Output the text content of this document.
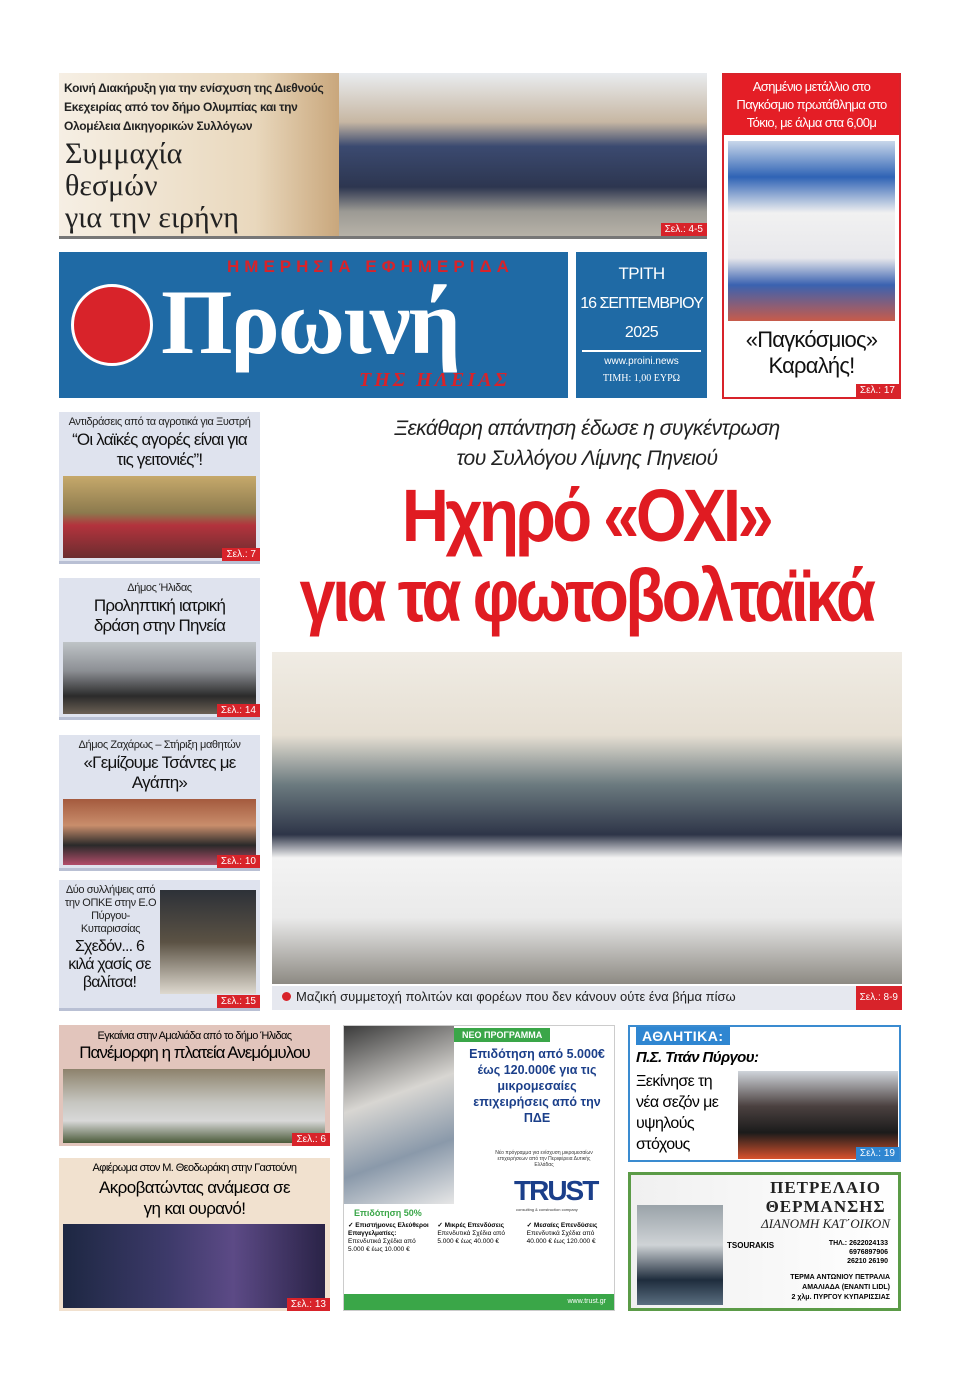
Κοινή Διακήρυξη για την ενίσχυση της Διεθνούς Εκεχειρίας από τον δήμο Ολυμπίας και την Ολομέλεια Δικηγορικών Συλλόγων
Συμμαχία
θεσμών
για την ειρήνη	Σελ.: 4-5
Ασημένιο μετάλλιο στο Παγκόσμιο πρωτάθλημα στο Τόκιο, με άλμα στα 6,00μ
«Παγκόσμιος»
Καραλής!
Σελ.: 17
ΗΜΕΡΗΣΙΑ ΕΦΗΜΕΡΙΔΑ
Πρωινή
ΤΗΣ ΗΛΕΙΑΣ
ΤΡΙΤΗ
16 ΣΕΠΤΕΜΒΡΙΟΥ
2025
www.proini.news
ΤΙΜΗ: 1,00 ΕΥΡΩ
Αντιδράσεις από τα αγροτικά για Ξυστρή
“Οι λαϊκές αγορές είναι για τις γειτονιές”!
Σελ.: 7
Δήμος Ήλιδας
Προληπτική ιατρική δράση στην Πηνεία
Σελ.: 14
Δήμος Ζαχάρως – Στήριξη μαθητών
«Γεμίζουμε Τσάντες με Αγάπη»
Σελ.: 10
Δύο συλλήψεις από την ΟΠΚΕ στην Ε.Ο Πύργου-Κυπαρισσίας
Σχεδόν... 6 κιλά χασίς σε βαλίτσα!
Σελ.: 15
Ξεκάθαρη απάντηση έδωσε η συγκέντρωση
του Συλλόγου Λίμνης Πηνειού
Ηχηρό «ΟΧΙ»
για τα φωτοβολταϊκά
Μαζική συμμετοχή πολιτών και φορέων που δεν κάνουν ούτε ένα βήμα πίσω	Σελ.: 8-9
Εγκαίνια στην Αμαλιάδα από το δήμο Ήλιδας
Πανέμορφη η πλατεία Ανεμόμυλου
Σελ.: 6
Αφιέρωμα στον Μ. Θεοδωράκη στην Γαστούνη
Ακροβατώντας ανάμεσα σε γη και ουρανό!
Σελ.: 13
ΝΕΟ ΠΡΟΓΡΑΜΜΑ
Επιδότηση από 5.000€ έως 120.000€ για τις μικρομεσαίες επιχειρήσεις από την ΠΔΕ
Νέο πρόγραμμα για ενίσχυση μικρομεσαίων επιχειρήσεων από την Περιφέρεια Δυτικής Ελλάδας
TRUST
consulting & construction company
Επιδότηση 50%
✓ Επιστήμονες Ελεύθεροι Επαγγελματίες:
Επενδυτικά Σχέδια από 5.000 € έως 10.000 €
✓ Μικρές Επενδύσεις
Επενδυτικά Σχέδια από 5.000 € έως 40.000 €
✓ Μεσαίες Επενδύσεις
Επενδυτικά Σχέδια από 40.000 € έως 120.000 €
www.trust.gr
ΑΘΛΗΤΙΚΑ:
Π.Σ. Τιτάν Πύργου:
Ξεκίνησε τη νέα σεζόν με υψηλούς στόχους
Σελ.: 19
ΠΕΤΡΕΛΑΙΟ
ΘΕΡΜΑΝΣΗΣ
ΔΙΑΝΟΜΗ ΚΑΤ΄ΟΙΚΟΝ
TSOURAKIS	ΤΗΛ.: 2622024133
6976897906
26210 26190
ΤΕΡΜΑ ΑΝΤΩΝΙΟΥ ΠΕΤΡΑΛΙΑ
ΑΜΑΛΙΑΔΑ (ΕΝΑΝΤΙ LIDL)
2 χλμ. ΠΥΡΓΟΥ ΚΥΠΑΡΙΣΣΙΑΣ
